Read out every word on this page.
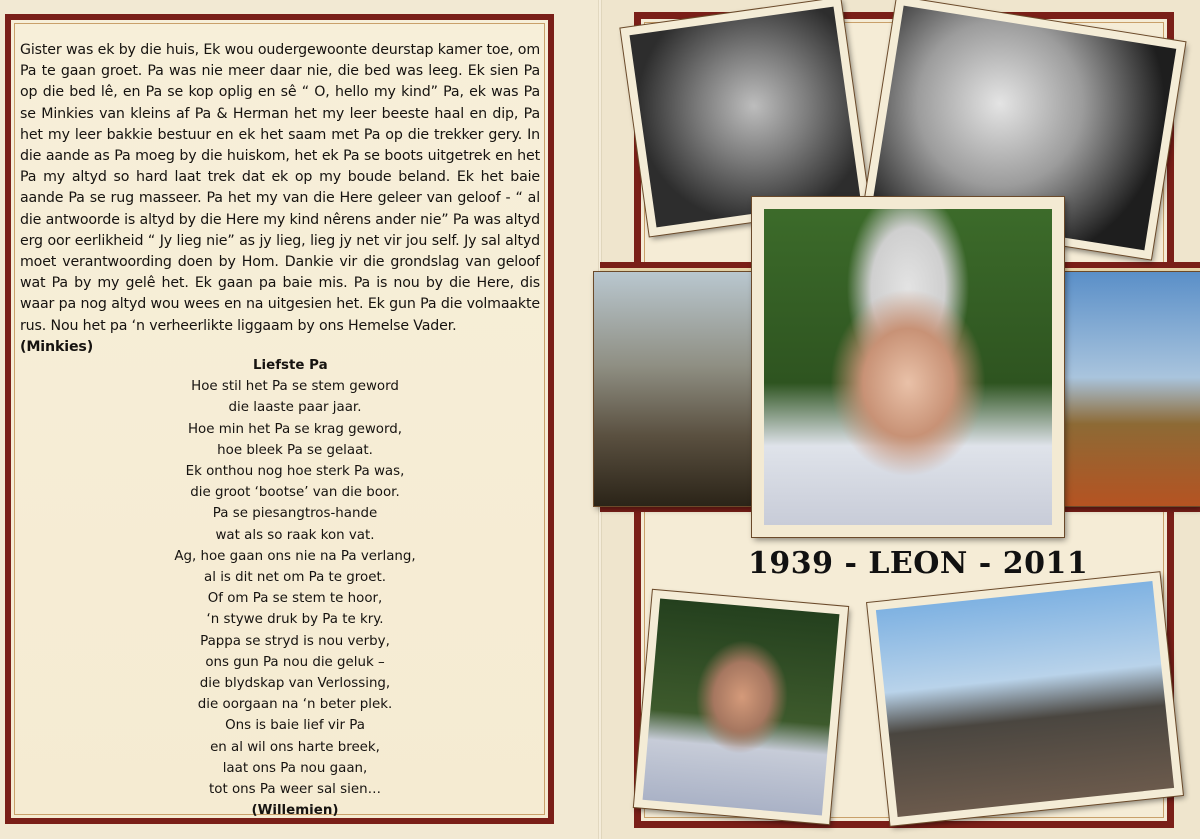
Gister was ek by die huis, Ek wou oudergewoonte deurstap kamer toe, om Pa te gaan groet. Pa was nie meer daar nie, die bed was leeg. Ek sien Pa op die bed lê, en Pa se kop oplig en sê “ O, hello my kind” Pa, ek was Pa se Minkies van kleins af Pa & Herman het my leer beeste haal en dip, Pa het my leer bakkie bestuur en ek het saam met Pa op die trekker gery. In die aande as Pa moeg by die huiskom, het ek Pa se boots uitgetrek en het Pa my altyd so hard laat trek dat ek op my boude beland. Ek het baie aande Pa se rug masseer. Pa het my van die Here geleer van geloof - “ al die antwoorde is altyd by die Here my kind nêrens ander nie” Pa was altyd erg oor eerlikheid “ Jy lieg nie” as jy lieg, lieg jy net vir jou self. Jy sal altyd moet verantwoording doen by Hom. Dankie vir die grondslag van geloof wat Pa by my gelê het. Ek gaan pa baie mis. Pa is nou by die Here, dis waar pa nog altyd wou wees en na uitgesien het. Ek gun Pa die volmaakte rus. Nou het pa ‘n verheerlikte liggaam by ons Hemelse Vader.
(Minkies)
Liefste Pa
Hoe stil het Pa se stem geword
die laaste paar jaar.
Hoe min het Pa se krag geword,
hoe bleek Pa se gelaat.
Ek onthou nog hoe sterk Pa was,
die groot ‘bootse’ van die boor.
Pa se piesangtros-hande
wat als so raak kon vat.
Ag, hoe gaan ons nie na Pa verlang,
al is dit net om Pa te groet.
Of om Pa se stem te hoor,
‘n stywe druk by Pa te kry.
Pappa se stryd is nou verby,
ons gun Pa nou die geluk –
die blydskap van Verlossing,
die oorgaan na ‘n beter plek.
Ons is baie lief vir Pa
en al wil ons harte breek,
laat ons Pa nou gaan,
tot ons Pa weer sal sien…
(Willemien)
1939 - LEON - 2011
